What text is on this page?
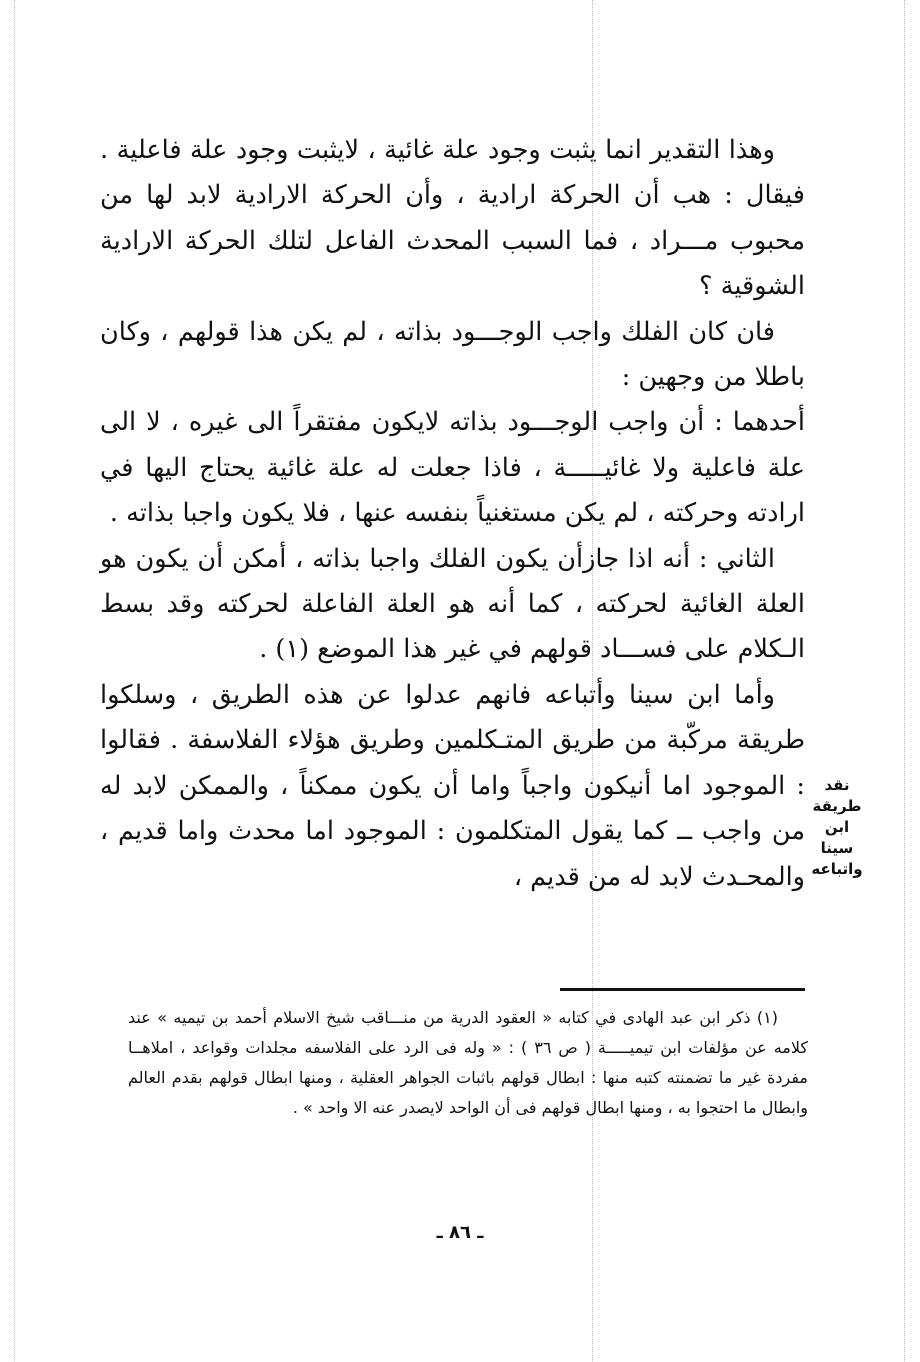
وهذا التقدير انما يثبت وجود علة غائية ، لايثبت وجود علة فاعلية . فيقال : هب أن الحركة ارادية ، وأن الحركة الارادية لابد لها من محبوب مـــراد ، فما السبب المحدث الفاعل لتلك الحركة الارادية الشوقية ؟

فان كان الفلك واجب الوجـــود بذاته ، لم يكن هذا قولهم ، وكان باطلا من وجهين :

أحدهما : أن واجب الوجـــود بذاته لايكون مفتقراً الى غيره ، لا الى علة فاعلية ولا غائيـــــة ، فاذا جعلت له علة غائية يحتاج اليها في ارادته وحركته ، لم يكن مستغنياً بنفسه عنها ، فلا يكون واجبا بذاته .

الثاني : أنه اذا جازأن يكون الفلك واجبا بذاته ، أمكن أن يكون هو العلة الغائية لحركته ، كما أنه هو العلة الفاعلة لحركته وقد بسط الـكلام على فســـاد قولهم في غير هذا الموضع (١) .

وأما ابن سينا وأتباعه فانهم عدلوا عن هذه الطريق ، وسلكوا طريقة مركّبة من طريق المتـكلمين وطريق هؤلاء الفلاسفة . فقالوا : الموجود اما أنيكون واجباً واما أن يكون ممكناً ، والممكن لابد له من واجب ــ كما يقول المتكلمون : الموجود اما محدث واما قديم ، والمحـدث لابد له من قديم ،

نقد طريقة
ابن سينا
واتباعه

(١) ذكر ابن عبد الهادى في كتابه « العقود الدرية من منـــاقب شيخ الاسلام أحمد بن تيميه » عند كلامه عن مؤلفات ابن تيميـــــة ( ص ٣٦ ) : « وله فى الرد على الفلاسفه مجلدات وقواعد ، املاهــا مفردة غير ما تضمنته كتبه منها : ابطال قولهم باثبات الجواهر العقلية ، ومنها ابطال قولهم بقدم العالم وابطال ما احتجوا به ، ومنها ابطال قولهم فى أن الواحد لايصدر عنه الا واحد » .

ـ ٨٦ ـ
